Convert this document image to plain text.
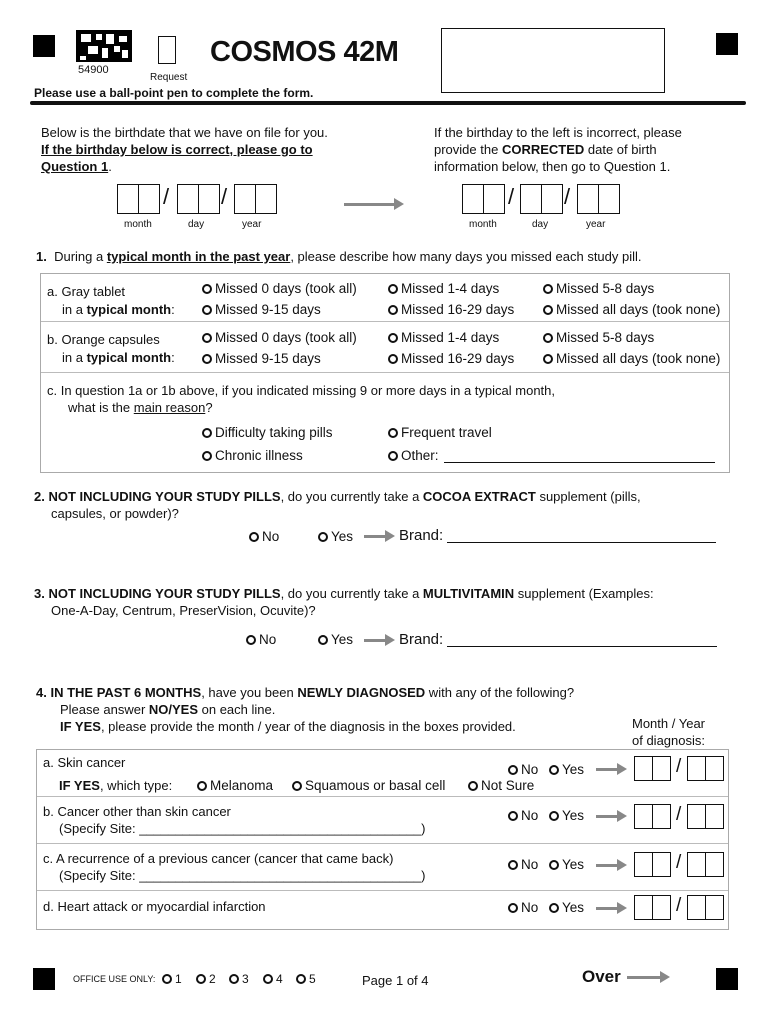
54900
Request
COSMOS 42M
Please use a ball-point pen to complete the form.
Below is the birthdate that we have on file for you.
If the birthday below is correct, please go to
Question 1.
If the birthday to the left is incorrect, please
provide the CORRECTED date of birth
information below, then go to Question 1.
/ /
month	day	year
/ /
month	day	year
1. During a typical month in the past year, please describe how many days you missed each study pill.
a. Gray tablet
in a typical month:
Missed 0 days (took all)	Missed 1-4 days	Missed 5-8 days
Missed 9-15 days	Missed 16-29 days	Missed all days (took none)
b. Orange capsules
in a typical month:
Missed 0 days (took all)	Missed 1-4 days	Missed 5-8 days
Missed 9-15 days	Missed 16-29 days	Missed all days (took none)
c. In question 1a or 1b above, if you indicated missing 9 or more days in a typical month,
what is the main reason?
Difficulty taking pills	Frequent travel
Chronic illness	Other:
2. NOT INCLUDING YOUR STUDY PILLS, do you currently take a COCOA EXTRACT supplement (pills,
capsules, or powder)?
No	Yes	Brand:
3. NOT INCLUDING YOUR STUDY PILLS, do you currently take a MULTIVITAMIN supplement (Examples:
One-A-Day, Centrum, PreserVision, Ocuvite)?
No	Yes	Brand:
4. IN THE PAST 6 MONTHS, have you been NEWLY DIAGNOSED with any of the following?
Please answer NO/YES on each line.
IF YES, please provide the month / year of the diagnosis in the boxes provided.	Month / Year
of diagnosis:
a. Skin cancer
IF YES, which type:	Melanoma	Squamous or basal cell	Not Sure
No	Yes	/
b. Cancer other than skin cancer
(Specify Site: _______________________________________)
No	Yes	/
c. A recurrence of a previous cancer (cancer that came back)
(Specify Site: _______________________________________)
No	Yes	/
d. Heart attack or myocardial infarction	No	Yes	/
OFFICE USE ONLY:	1	2	3	4	5	Page 1 of 4	Over
